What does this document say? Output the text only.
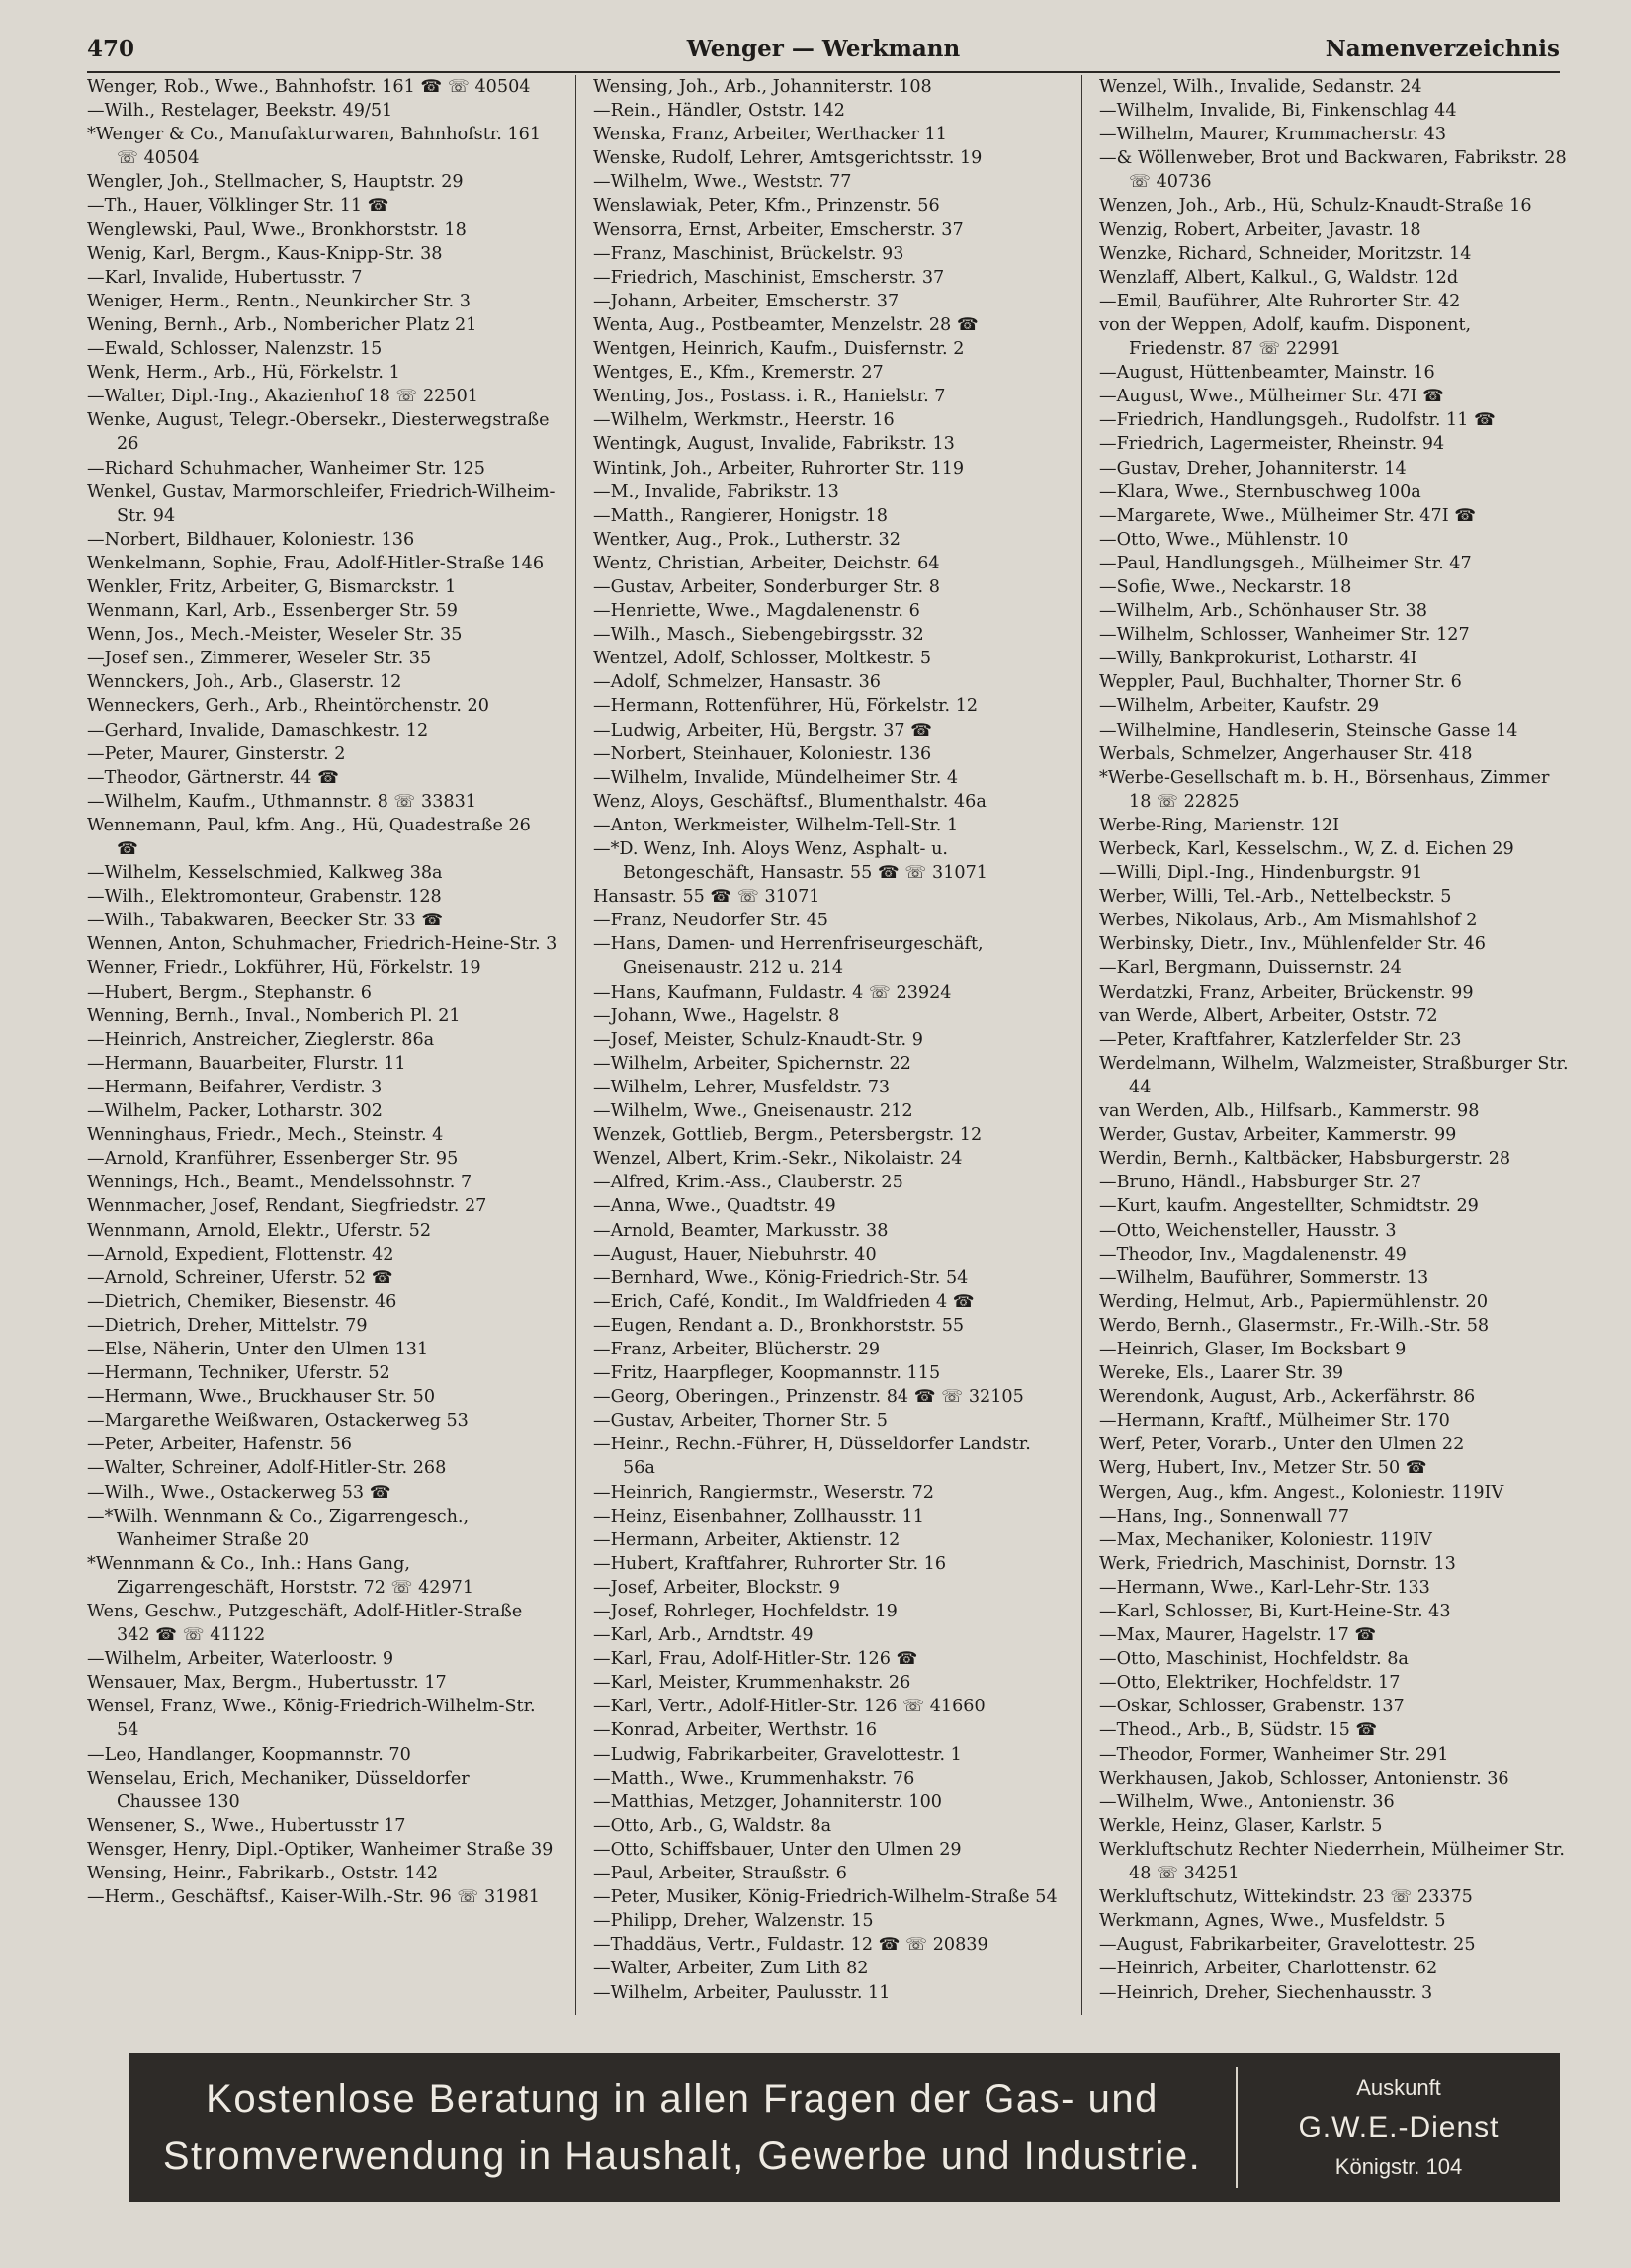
470	Wenger — Werkmann	Namenverzeichnis
Wenger, Rob., Wwe., Bahnhofstr. 161 ☎ ☏ 40504
—Wilh., Restelager, Beekstr. 49/51
*Wenger & Co., Manufakturwaren, Bahnhofstr. 161 ☏ 40504
Wengler, Joh., Stellmacher, S, Hauptstr. 29
—Th., Hauer, Völklinger Str. 11 ☎
Wenglewski, Paul, Wwe., Bronkhorststr. 18
Wenig, Karl, Bergm., Kaus-Knipp-Str. 38
—Karl, Invalide, Hubertusstr. 7
Weniger, Herm., Rentn., Neunkircher Str. 3
Wening, Bernh., Arb., Nombericher Platz 21
—Ewald, Schlosser, Nalenzstr. 15
Wenk, Herm., Arb., Hü, Förkelstr. 1
—Walter, Dipl.-Ing., Akazienhof 18 ☏ 22501
Wenke, August, Telegr.-Obersekr., Diesterwegstraße 26
—Richard Schuhmacher, Wanheimer Str. 125
Wenkel, Gustav, Marmorschleifer, Friedrich-Wilheim-Str. 94
—Norbert, Bildhauer, Koloniestr. 136
Wenkelmann, Sophie, Frau, Adolf-Hitler-Straße 146
Wenkler, Fritz, Arbeiter, G, Bismarckstr. 1
Wenmann, Karl, Arb., Essenberger Str. 59
Wenn, Jos., Mech.-Meister, Weseler Str. 35
—Josef sen., Zimmerer, Weseler Str. 35
Wennckers, Joh., Arb., Glaserstr. 12
Wenneckers, Gerh., Arb., Rheintörchenstr. 20
—Gerhard, Invalide, Damaschkestr. 12
—Peter, Maurer, Ginsterstr. 2
—Theodor, Gärtnerstr. 44 ☎
—Wilhelm, Kaufm., Uthmannstr. 8 ☏ 33831
Wennemann, Paul, kfm. Ang., Hü, Quadestraße 26 ☎
—Wilhelm, Kesselschmied, Kalkweg 38a
—Wilh., Elektromonteur, Grabenstr. 128
—Wilh., Tabakwaren, Beecker Str. 33 ☎
Wennen, Anton, Schuhmacher, Friedrich-Heine-Str. 3
Wenner, Friedr., Lokführer, Hü, Förkelstr. 19
—Hubert, Bergm., Stephanstr. 6
Wenning, Bernh., Inval., Nomberich Pl. 21
—Heinrich, Anstreicher, Zieglerstr. 86a
—Hermann, Bauarbeiter, Flurstr. 11
—Hermann, Beifahrer, Verdistr. 3
—Wilhelm, Packer, Lotharstr. 302
Wenninghaus, Friedr., Mech., Steinstr. 4
—Arnold, Kranführer, Essenberger Str. 95
Wennings, Hch., Beamt., Mendelssohnstr. 7
Wennmacher, Josef, Rendant, Siegfriedstr. 27
Wennmann, Arnold, Elektr., Uferstr. 52
—Arnold, Expedient, Flottenstr. 42
—Arnold, Schreiner, Uferstr. 52 ☎
—Dietrich, Chemiker, Biesenstr. 46
—Dietrich, Dreher, Mittelstr. 79
—Else, Näherin, Unter den Ulmen 131
—Hermann, Techniker, Uferstr. 52
—Hermann, Wwe., Bruckhauser Str. 50
—Margarethe Weißwaren, Ostackerweg 53
—Peter, Arbeiter, Hafenstr. 56
—Walter, Schreiner, Adolf-Hitler-Str. 268
—Wilh., Wwe., Ostackerweg 53 ☎
—*Wilh. Wennmann & Co., Zigarrengesch., Wanheimer Straße 20
*Wennmann & Co., Inh.: Hans Gang, Zigarrengeschäft, Horststr. 72 ☏ 42971
Wens, Geschw., Putzgeschäft, Adolf-Hitler-Straße 342 ☎ ☏ 41122
—Wilhelm, Arbeiter, Waterloostr. 9
Wensauer, Max, Bergm., Hubertusstr. 17
Wensel, Franz, Wwe., König-Friedrich-Wilhelm-Str. 54
—Leo, Handlanger, Koopmannstr. 70
Wenselau, Erich, Mechaniker, Düsseldorfer Chaussee 130
Wensener, S., Wwe., Hubertusstr 17
Wensger, Henry, Dipl.-Optiker, Wanheimer Straße 39
Wensing, Heinr., Fabrikarb., Oststr. 142
—Herm., Geschäftsf., Kaiser-Wilh.-Str. 96 ☏ 31981
Wensing, Joh., Arb., Johanniterstr. 108
—Rein., Händler, Oststr. 142
Wenska, Franz, Arbeiter, Werthacker 11
Wenske, Rudolf, Lehrer, Amtsgerichtsstr. 19
—Wilhelm, Wwe., Weststr. 77
Wenslawiak, Peter, Kfm., Prinzenstr. 56
Wensorra, Ernst, Arbeiter, Emscherstr. 37
—Franz, Maschinist, Brückelstr. 93
—Friedrich, Maschinist, Emscherstr. 37
—Johann, Arbeiter, Emscherstr. 37
Wenta, Aug., Postbeamter, Menzelstr. 28 ☎
Wentgen, Heinrich, Kaufm., Duisfernstr. 2
Wentges, E., Kfm., Kremerstr. 27
Wenting, Jos., Postass. i. R., Hanielstr. 7
—Wilhelm, Werkmstr., Heerstr. 16
Wentingk, August, Invalide, Fabrikstr. 13
Wintink, Joh., Arbeiter, Ruhrorter Str. 119
—M., Invalide, Fabrikstr. 13
—Matth., Rangierer, Honigstr. 18
Wentker, Aug., Prok., Lutherstr. 32
Wentz, Christian, Arbeiter, Deichstr. 64
—Gustav, Arbeiter, Sonderburger Str. 8
—Henriette, Wwe., Magdalenenstr. 6
—Wilh., Masch., Siebengebirgsstr. 32
Wentzel, Adolf, Schlosser, Moltkestr. 5
—Adolf, Schmelzer, Hansastr. 36
—Hermann, Rottenführer, Hü, Förkelstr. 12
—Ludwig, Arbeiter, Hü, Bergstr. 37 ☎
—Norbert, Steinhauer, Koloniestr. 136
—Wilhelm, Invalide, Mündelheimer Str. 4
Wenz, Aloys, Geschäftsf., Blumenthalstr. 46a
—Anton, Werkmeister, Wilhelm-Tell-Str. 1
—*D. Wenz, Inh. Aloys Wenz, Asphalt- u. Betongeschäft, Hansastr. 55 ☎ ☏ 31071
Hansastr. 55 ☎ ☏ 31071
—Franz, Neudorfer Str. 45
—Hans, Damen- und Herrenfriseurgeschäft, Gneisenaustr. 212 u. 214
—Hans, Kaufmann, Fuldastr. 4 ☏ 23924
—Johann, Wwe., Hagelstr. 8
—Josef, Meister, Schulz-Knaudt-Str. 9
—Wilhelm, Arbeiter, Spichernstr. 22
—Wilhelm, Lehrer, Musfeldstr. 73
—Wilhelm, Wwe., Gneisenaustr. 212
Wenzek, Gottlieb, Bergm., Petersbergstr. 12
Wenzel, Albert, Krim.-Sekr., Nikolaistr. 24
—Alfred, Krim.-Ass., Clauberstr. 25
—Anna, Wwe., Quadtstr. 49
—Arnold, Beamter, Markusstr. 38
—August, Hauer, Niebuhrstr. 40
—Bernhard, Wwe., König-Friedrich-Str. 54
—Erich, Café, Kondit., Im Waldfrieden 4 ☎
—Eugen, Rendant a. D., Bronkhorststr. 55
—Franz, Arbeiter, Blücherstr. 29
—Fritz, Haarpfleger, Koopmannstr. 115
—Georg, Oberingen., Prinzenstr. 84 ☎ ☏ 32105
—Gustav, Arbeiter, Thorner Str. 5
—Heinr., Rechn.-Führer, H, Düsseldorfer Landstr. 56a
—Heinrich, Rangiermstr., Weserstr. 72
—Heinz, Eisenbahner, Zollhausstr. 11
—Hermann, Arbeiter, Aktienstr. 12
—Hubert, Kraftfahrer, Ruhrorter Str. 16
—Josef, Arbeiter, Blockstr. 9
—Josef, Rohrleger, Hochfeldstr. 19
—Karl, Arb., Arndtstr. 49
—Karl, Frau, Adolf-Hitler-Str. 126 ☎
—Karl, Meister, Krummenhakstr. 26
—Karl, Vertr., Adolf-Hitler-Str. 126 ☏ 41660
—Konrad, Arbeiter, Werthstr. 16
—Ludwig, Fabrikarbeiter, Gravelottestr. 1
—Matth., Wwe., Krummenhakstr. 76
—Matthias, Metzger, Johanniterstr. 100
—Otto, Arb., G, Waldstr. 8a
—Otto, Schiffsbauer, Unter den Ulmen 29
—Paul, Arbeiter, Straußstr. 6
—Peter, Musiker, König-Friedrich-Wilhelm-Straße 54
—Philipp, Dreher, Walzenstr. 15
—Thaddäus, Vertr., Fuldastr. 12 ☎ ☏ 20839
—Walter, Arbeiter, Zum Lith 82
—Wilhelm, Arbeiter, Paulusstr. 11
Wenzel, Wilh., Invalide, Sedanstr. 24
—Wilhelm, Invalide, Bi, Finkenschlag 44
—Wilhelm, Maurer, Krummacherstr. 43
—& Wöllenweber, Brot und Backwaren, Fabrikstr. 28 ☏ 40736
Wenzen, Joh., Arb., Hü, Schulz-Knaudt-Straße 16
Wenzig, Robert, Arbeiter, Javastr. 18
Wenzke, Richard, Schneider, Moritzstr. 14
Wenzlaff, Albert, Kalkul., G, Waldstr. 12d
—Emil, Bauführer, Alte Ruhrorter Str. 42
von der Weppen, Adolf, kaufm. Disponent, Friedenstr. 87 ☏ 22991
—August, Hüttenbeamter, Mainstr. 16
—August, Wwe., Mülheimer Str. 47I ☎
—Friedrich, Handlungsgeh., Rudolfstr. 11 ☎
—Friedrich, Lagermeister, Rheinstr. 94
—Gustav, Dreher, Johanniterstr. 14
—Klara, Wwe., Sternbuschweg 100a
—Margarete, Wwe., Mülheimer Str. 47I ☎
—Otto, Wwe., Mühlenstr. 10
—Paul, Handlungsgeh., Mülheimer Str. 47
—Sofie, Wwe., Neckarstr. 18
—Wilhelm, Arb., Schönhauser Str. 38
—Wilhelm, Schlosser, Wanheimer Str. 127
—Willy, Bankprokurist, Lotharstr. 4I
Weppler, Paul, Buchhalter, Thorner Str. 6
—Wilhelm, Arbeiter, Kaufstr. 29
—Wilhelmine, Handleserin, Steinsche Gasse 14
Werbals, Schmelzer, Angerhauser Str. 418
*Werbe-Gesellschaft m. b. H., Börsenhaus, Zimmer 18 ☏ 22825
Werbe-Ring, Marienstr. 12I
Werbeck, Karl, Kesselschm., W, Z. d. Eichen 29
—Willi, Dipl.-Ing., Hindenburgstr. 91
Werber, Willi, Tel.-Arb., Nettelbeckstr. 5
Werbes, Nikolaus, Arb., Am Mismahlshof 2
Werbinsky, Dietr., Inv., Mühlenfelder Str. 46
—Karl, Bergmann, Duissernstr. 24
Werdatzki, Franz, Arbeiter, Brückenstr. 99
van Werde, Albert, Arbeiter, Oststr. 72
—Peter, Kraftfahrer, Katzlerfelder Str. 23
Werdelmann, Wilhelm, Walzmeister, Straßburger Str. 44
van Werden, Alb., Hilfsarb., Kammerstr. 98
Werder, Gustav, Arbeiter, Kammerstr. 99
Werdin, Bernh., Kaltbäcker, Habsburgerstr. 28
—Bruno, Händl., Habsburger Str. 27
—Kurt, kaufm. Angestellter, Schmidtstr. 29
—Otto, Weichensteller, Hausstr. 3
—Theodor, Inv., Magdalenenstr. 49
—Wilhelm, Bauführer, Sommerstr. 13
Werding, Helmut, Arb., Papiermühlenstr. 20
Werdo, Bernh., Glasermstr., Fr.-Wilh.-Str. 58
—Heinrich, Glaser, Im Bocksbart 9
Wereke, Els., Laarer Str. 39
Werendonk, August, Arb., Ackerfährstr. 86
—Hermann, Kraftf., Mülheimer Str. 170
Werf, Peter, Vorarb., Unter den Ulmen 22
Werg, Hubert, Inv., Metzer Str. 50 ☎
Wergen, Aug., kfm. Angest., Koloniestr. 119IV
—Hans, Ing., Sonnenwall 77
—Max, Mechaniker, Koloniestr. 119IV
Werk, Friedrich, Maschinist, Dornstr. 13
—Hermann, Wwe., Karl-Lehr-Str. 133
—Karl, Schlosser, Bi, Kurt-Heine-Str. 43
—Max, Maurer, Hagelstr. 17 ☎
—Otto, Maschinist, Hochfeldstr. 8a
—Otto, Elektriker, Hochfeldstr. 17
—Oskar, Schlosser, Grabenstr. 137
—Theod., Arb., B, Südstr. 15 ☎
—Theodor, Former, Wanheimer Str. 291
Werkhausen, Jakob, Schlosser, Antonienstr. 36
—Wilhelm, Wwe., Antonienstr. 36
Werkle, Heinz, Glaser, Karlstr. 5
Werkluftschutz Rechter Niederrhein, Mülheimer Str. 48 ☏ 34251
Werkluftschutz, Wittekindstr. 23 ☏ 23375
Werkmann, Agnes, Wwe., Musfeldstr. 5
—August, Fabrikarbeiter, Gravelottestr. 25
—Heinrich, Arbeiter, Charlottenstr. 62
—Heinrich, Dreher, Siechenhausstr. 3
Kostenlose Beratung in allen Fragen der Gas- und
Stromverwendung in Haushalt, Gewerbe und Industrie.
Auskunft
G.W.E.-Dienst
Königstr. 104
